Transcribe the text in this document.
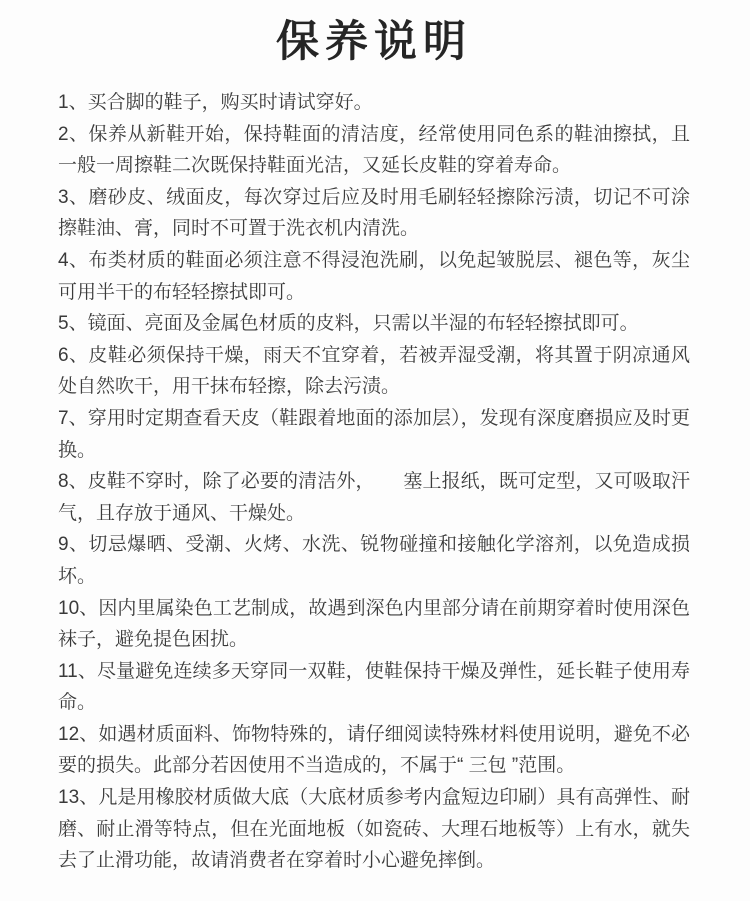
保养说明

1、买合脚的鞋子，购买时请试穿好。

2、保养从新鞋开始，保持鞋面的清洁度，经常使用同色系的鞋油擦拭，且一般一周擦鞋二次既保持鞋面光洁，又延长皮鞋的穿着寿命。

3、磨砂皮、绒面皮，每次穿过后应及时用毛刷轻轻擦除污渍，切记不可涂擦鞋油、膏，同时不可置于洗衣机内清洗。

4、布类材质的鞋面必须注意不得浸泡洗刷，以免起皱脱层、褪色等，灰尘可用半干的布轻轻擦拭即可。

5、镜面、亮面及金属色材质的皮料，只需以半湿的布轻轻擦拭即可。

6、皮鞋必须保持干燥，雨天不宜穿着，若被弄湿受潮，将其置于阴凉通风处自然吹干，用干抹布轻擦，除去污渍。

7、穿用时定期查看天皮（鞋跟着地面的添加层），发现有深度磨损应及时更换。

8、皮鞋不穿时，除了必要的清洁外，　　塞上报纸，既可定型，又可吸取汗气，且存放于通风、干燥处。

9、切忌爆晒、受潮、火烤、水洗、锐物碰撞和接触化学溶剂，以免造成损坏。

10、因内里属染色工艺制成，故遇到深色内里部分请在前期穿着时使用深色袜子，避免提色困扰。

11、尽量避免连续多天穿同一双鞋，使鞋保持干燥及弹性，延长鞋子使用寿命。

12、如遇材质面料、饰物特殊的，请仔细阅读特殊材料使用说明，避免不必要的损失。此部分若因使用不当造成的，不属于“ 三包 ”范围。

13、凡是用橡胶材质做大底（大底材质参考内盒短边印刷）具有高弹性、耐磨、耐止滑等特点，但在光面地板（如瓷砖、大理石地板等）上有水，就失去了止滑功能，故请消费者在穿着时小心避免摔倒。
